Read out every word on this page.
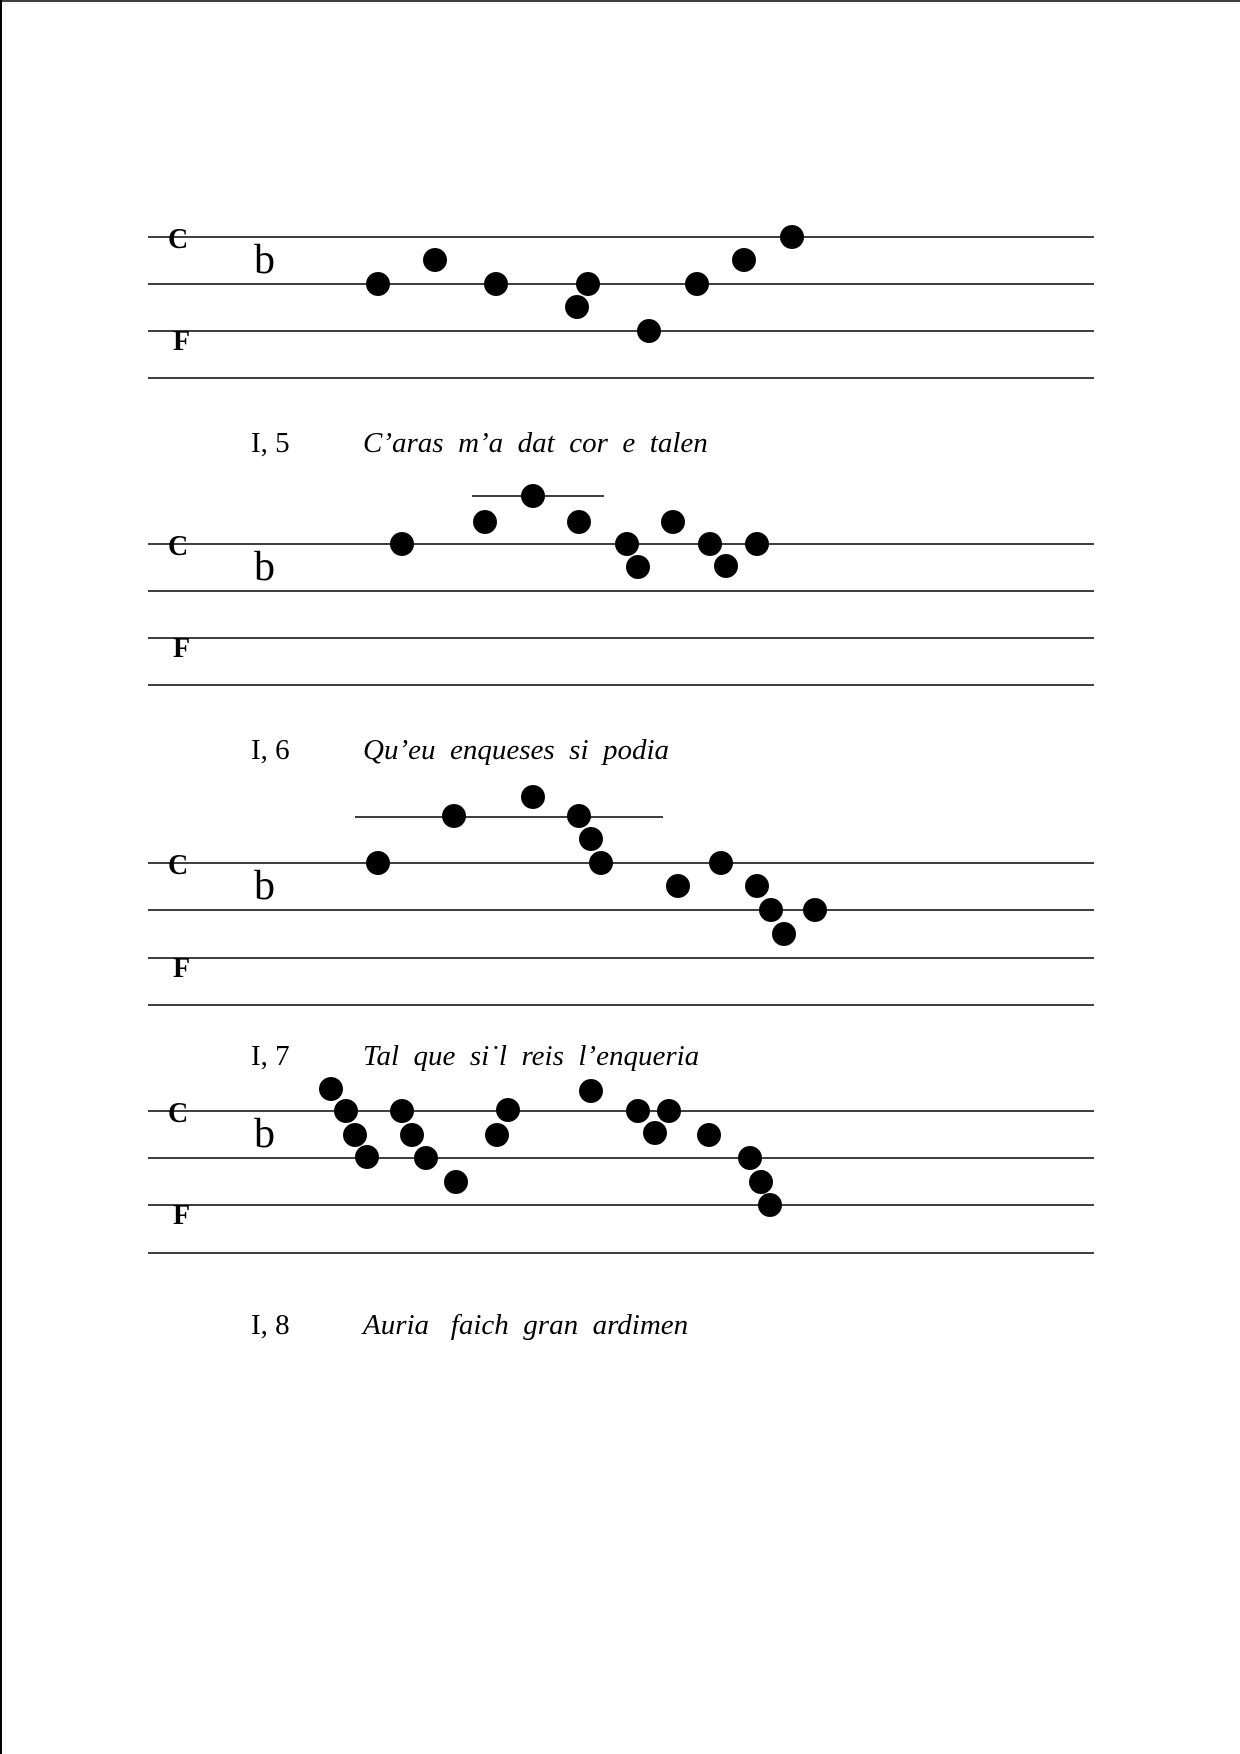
C
F
b
I, 5	C’aras  m’a  dat  cor  e  talen
C
F
b
I, 6	Qu’eu  enqueses  si  podia
C
F
b
I, 7	Tal  que  si˙l  reis  l’enqueria
C
F
b
I, 8	Auria   faich  gran  ardimen
